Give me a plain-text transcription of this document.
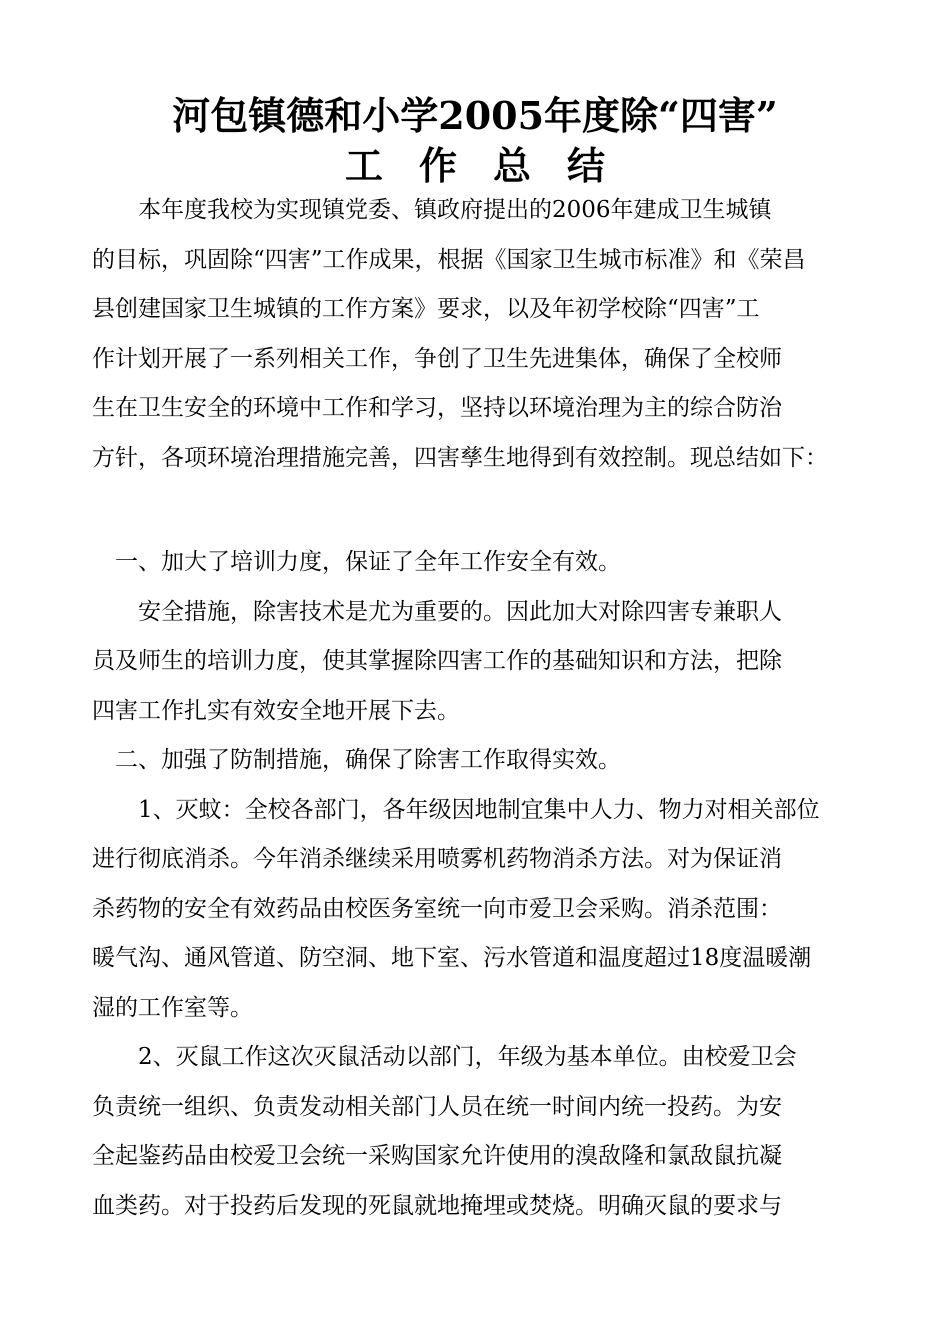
河包镇德和小学2005年度除“四害”
工作总结
　　本年度我校为实现镇党委、镇政府提出的2006年建成卫生城镇
的目标，巩固除“四害”工作成果，根据《国家卫生城市标准》和《荣昌
县创建国家卫生城镇的工作方案》要求，以及年初学校除“四害”工
作计划开展了一系列相关工作，争创了卫生先进集体，确保了全校师
生在卫生安全的环境中工作和学习，坚持以环境治理为主的综合防治
方针，各项环境治理措施完善，四害孳生地得到有效控制。现总结如下：
　一、加大了培训力度，保证了全年工作安全有效。
　　安全措施，除害技术是尤为重要的。因此加大对除四害专兼职人
员及师生的培训力度，使其掌握除四害工作的基础知识和方法，把除
四害工作扎实有效安全地开展下去。
　二、加强了防制措施，确保了除害工作取得实效。
　　1、灭蚊：全校各部门，各年级因地制宜集中人力、物力对相关部位
进行彻底消杀。今年消杀继续采用喷雾机药物消杀方法。对为保证消
杀药物的安全有效药品由校医务室统一向市爱卫会采购。消杀范围：
暖气沟、通风管道、防空洞、地下室、污水管道和温度超过18度温暖潮
湿的工作室等。
　　2、灭鼠工作这次灭鼠活动以部门，年级为基本单位。由校爱卫会
负责统一组织、负责发动相关部门人员在统一时间内统一投药。为安
全起鉴药品由校爱卫会统一采购国家允许使用的溴敌隆和氯敌鼠抗凝
血类药。对于投药后发现的死鼠就地掩埋或焚烧。明确灭鼠的要求与
